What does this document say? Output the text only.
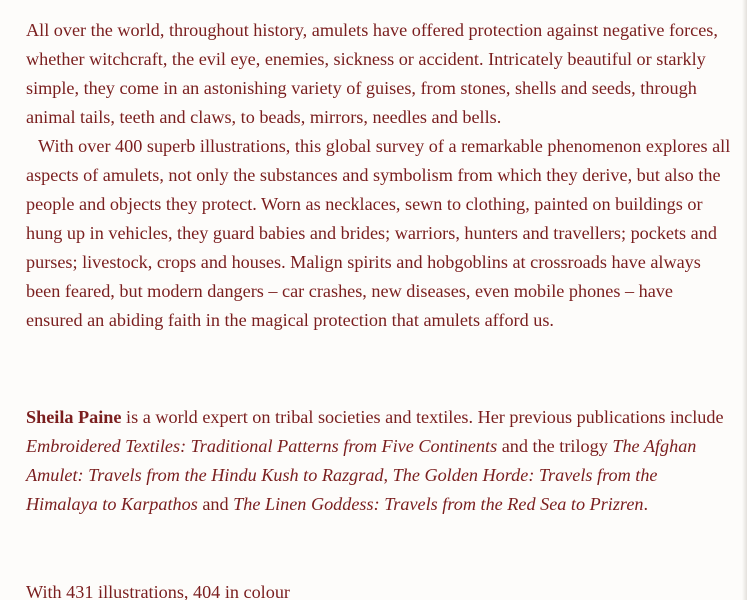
All over the world, throughout history, amulets have offered protection against negative forces, whether witchcraft, the evil eye, enemies, sickness or accident. Intricately beautiful or starkly simple, they come in an astonishing variety of guises, from stones, shells and seeds, through animal tails, teeth and claws, to beads, mirrors, needles and bells.

With over 400 superb illustrations, this global survey of a remarkable phenomenon explores all aspects of amulets, not only the substances and symbolism from which they derive, but also the people and objects they protect. Worn as necklaces, sewn to clothing, painted on buildings or hung up in vehicles, they guard babies and brides; warriors, hunters and travellers; pockets and purses; livestock, crops and houses. Malign spirits and hobgoblins at crossroads have always been feared, but modern dangers – car crashes, new diseases, even mobile phones – have ensured an abiding faith in the magical protection that amulets afford us.

Sheila Paine is a world expert on tribal societies and textiles. Her previous publications include Embroidered Textiles: Traditional Patterns from Five Continents and the trilogy The Afghan Amulet: Travels from the Hindu Kush to Razgrad, The Golden Horde: Travels from the Himalaya to Karpathos and The Linen Goddess: Travels from the Red Sea to Prizren.

With 431 illustrations, 404 in colour
